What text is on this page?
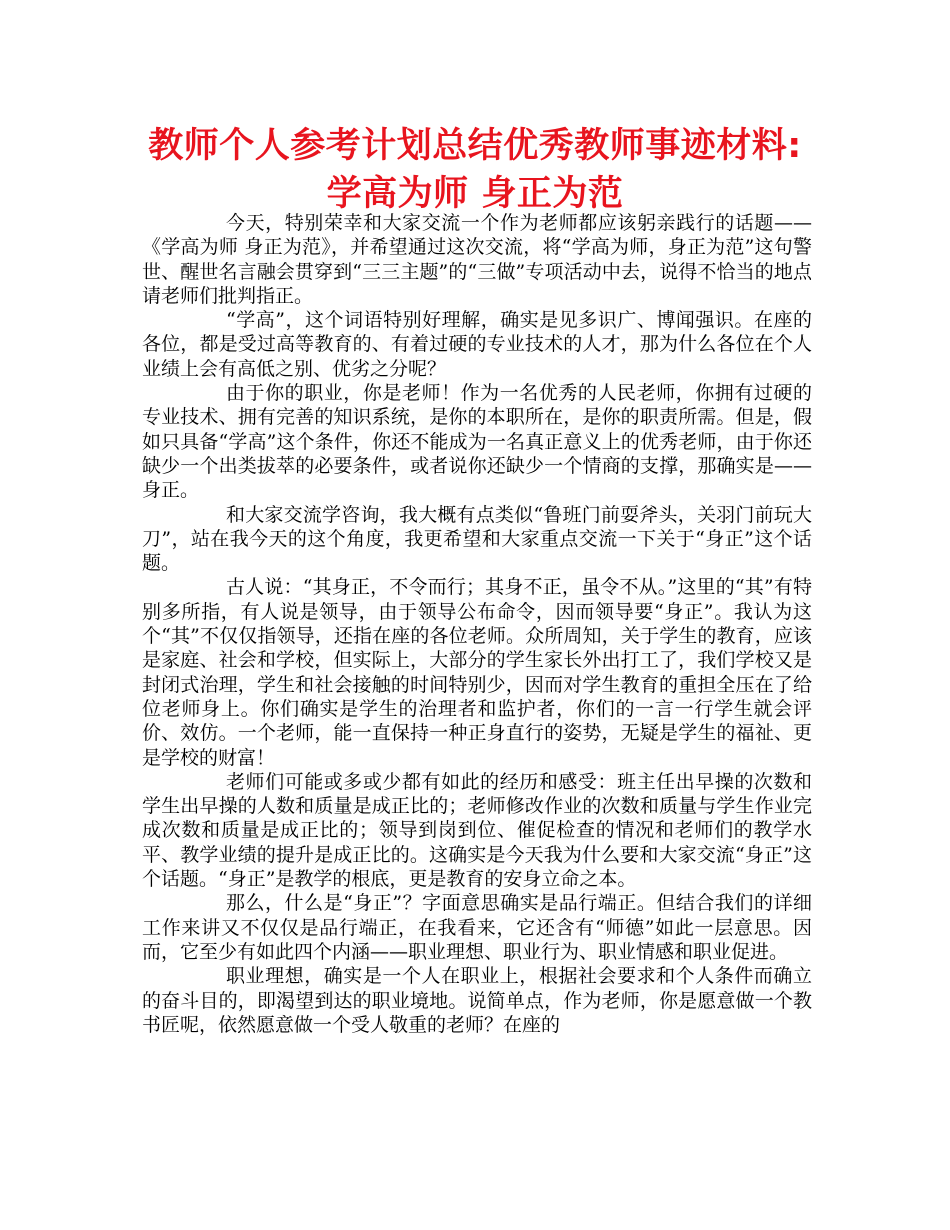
教师个人参考计划总结优秀教师事迹材料:
学高为师 身正为范

今天，特别荣幸和大家交流一个作为老师都应该躬亲践行的话题——《学高为师 身正为范》，并希望通过这次交流，将“学高为师，身正为范”这句警世、醒世名言融会贯穿到“三三主题”的“三做”专项活动中去，说得不恰当的地点请老师们批判指正。

“学高”，这个词语特别好理解，确实是见多识广、博闻强识。在座的各位，都是受过高等教育的、有着过硬的专业技术的人才，那为什么各位在个人业绩上会有高低之别、优劣之分呢？

由于你的职业，你是老师！作为一名优秀的人民老师，你拥有过硬的专业技术、拥有完善的知识系统，是你的本职所在，是你的职责所需。但是，假如只具备“学高”这个条件，你还不能成为一名真正意义上的优秀老师，由于你还缺少一个出类拔萃的必要条件，或者说你还缺少一个情商的支撑，那确实是——身正。

和大家交流学咨询，我大概有点类似“鲁班门前耍斧头，关羽门前玩大刀”，站在我今天的这个角度，我更希望和大家重点交流一下关于“身正”这个话题。

古人说：“其身正，不令而行；其身不正，虽令不从。”这里的“其”有特别多所指，有人说是领导，由于领导公布命令，因而领导要“身正”。我认为这个“其”不仅仅指领导，还指在座的各位老师。众所周知，关于学生的教育，应该是家庭、社会和学校，但实际上，大部分的学生家长外出打工了，我们学校又是封闭式治理，学生和社会接触的时间特别少，因而对学生教育的重担全压在了给位老师身上。你们确实是学生的治理者和监护者，你们的一言一行学生就会评价、效仿。一个老师，能一直保持一种正身直行的姿势，无疑是学生的福祉、更是学校的财富！

老师们可能或多或少都有如此的经历和感受：班主任出早操的次数和学生出早操的人数和质量是成正比的；老师修改作业的次数和质量与学生作业完成次数和质量是成正比的；领导到岗到位、催促检查的情况和老师们的教学水平、教学业绩的提升是成正比的。这确实是今天我为什么要和大家交流“身正”这个话题。“身正”是教学的根底，更是教育的安身立命之本。

那么，什么是“身正”？字面意思确实是品行端正。但结合我们的详细工作来讲又不仅仅是品行端正，在我看来，它还含有“师德”如此一层意思。因而，它至少有如此四个内涵——职业理想、职业行为、职业情感和职业促进。

职业理想，确实是一个人在职业上，根据社会要求和个人条件而确立的奋斗目的，即渴望到达的职业境地。说简单点，作为老师，你是愿意做一个教书匠呢，依然愿意做一个受人敬重的老师？在座的
